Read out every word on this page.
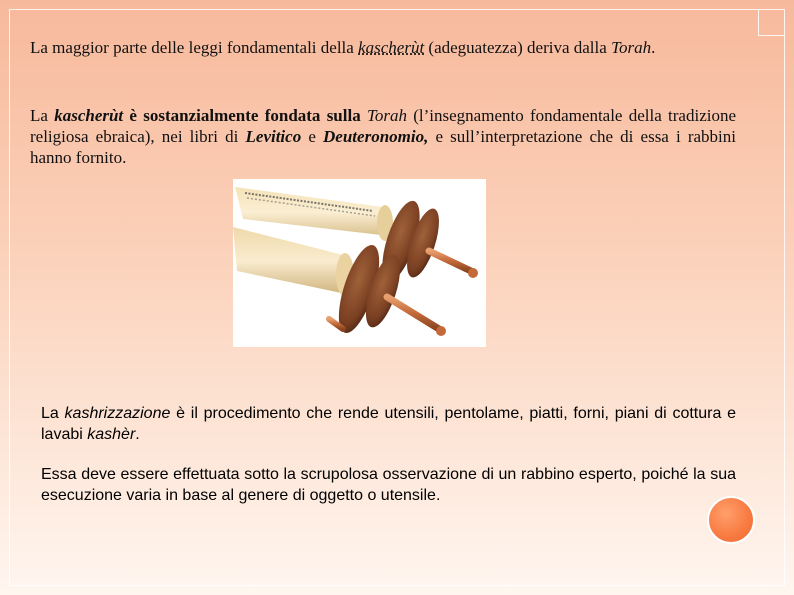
La maggior parte delle leggi fondamentali della kascherùt (adeguatezza) deriva dalla Torah.

La kascherùt è sostanzialmente fondata sulla Torah (l’insegnamento fondamentale della tradizione religiosa ebraica), nei libri di Levitico e Deuteronomio, e sull’interpretazione che di essa i rabbini hanno fornito.

La kashrizzazione è il procedimento che rende utensili, pentolame, piatti, forni, piani di cottura e lavabi kashèr.

Essa deve essere effettuata sotto la scrupolosa osservazione di un rabbino esperto, poiché la sua esecuzione varia in base al genere di oggetto o utensile.
